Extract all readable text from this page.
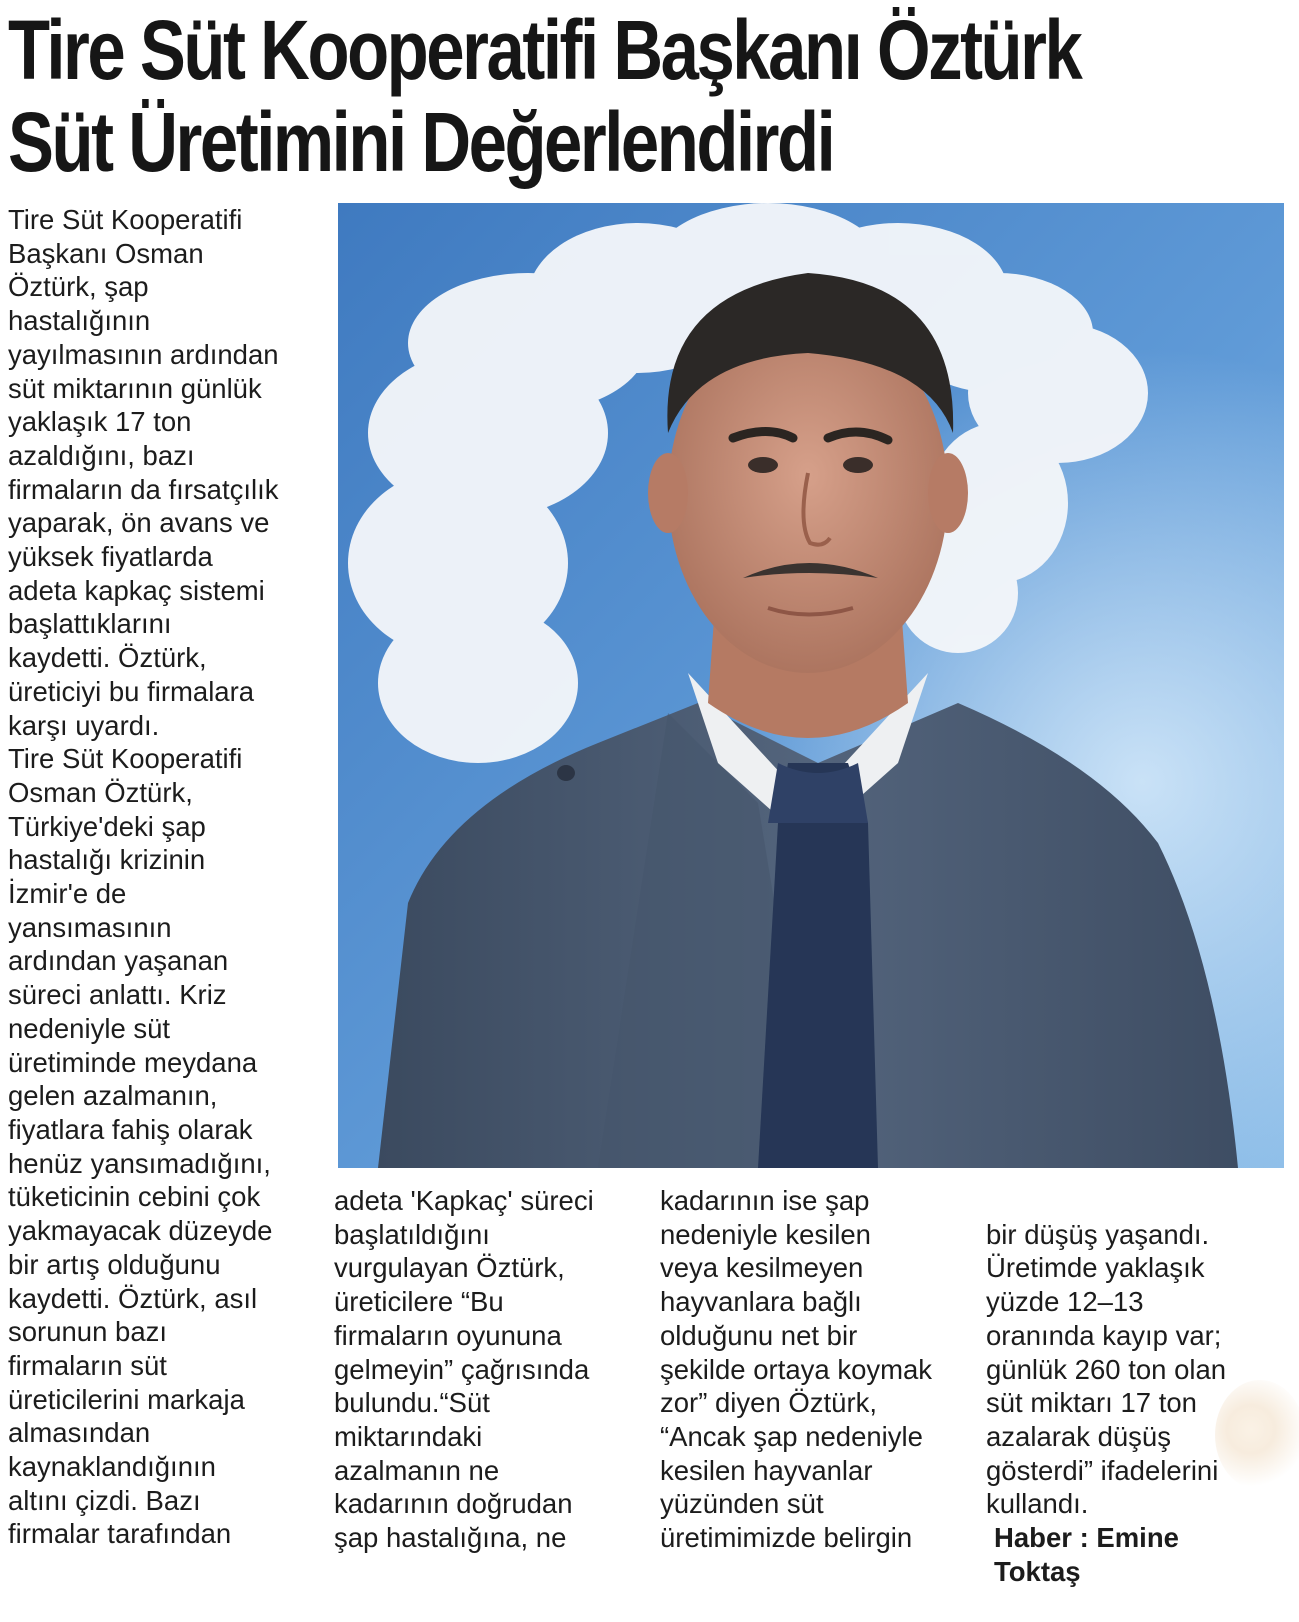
Tire Süt Kooperatifi Başkanı Öztürk
Süt Üretimini Değerlendirdi
Tire Süt Kooperatifi
Başkanı Osman
Öztürk, şap
hastalığının
yayılmasının ardından
süt miktarının günlük
yaklaşık 17 ton
azaldığını, bazı
firmaların da fırsatçılık
yaparak, ön avans ve
yüksek fiyatlarda
adeta kapkaç sistemi
başlattıklarını
kaydetti. Öztürk,
üreticiyi bu firmalara
karşı uyardı.
Tire Süt Kooperatifi
Osman Öztürk,
Türkiye'deki şap
hastalığı krizinin
İzmir'e de
yansımasının
ardından yaşanan
süreci anlattı. Kriz
nedeniyle süt
üretiminde meydana
gelen azalmanın,
fiyatlara fahiş olarak
henüz yansımadığını,
tüketicinin cebini çok
yakmayacak düzeyde
bir artış olduğunu
kaydetti. Öztürk, asıl
sorunun bazı
firmaların süt
üreticilerini markaja
almasından
kaynaklandığının
altını çizdi. Bazı
firmalar tarafından
adeta 'Kapkaç' süreci
başlatıldığını
vurgulayan Öztürk,
üreticilere “Bu
firmaların oyununa
gelmeyin” çağrısında
bulundu.“Süt
miktarındaki
azalmanın ne
kadarının doğrudan
şap hastalığına, ne
kadarının ise şap
nedeniyle kesilen
veya kesilmeyen
hayvanlara bağlı
olduğunu net bir
şekilde ortaya koymak
zor” diyen Öztürk,
“Ancak şap nedeniyle
kesilen hayvanlar
yüzünden süt
üretimimizde belirgin

bir düşüş yaşandı.
Üretimde yaklaşık
yüzde 12–13
oranında kayıp var;
günlük 260 ton olan
süt miktarı 17 ton
azalarak düşüş
gösterdi” ifadelerini
kullandı.

Haber : Emine
Toktaş
